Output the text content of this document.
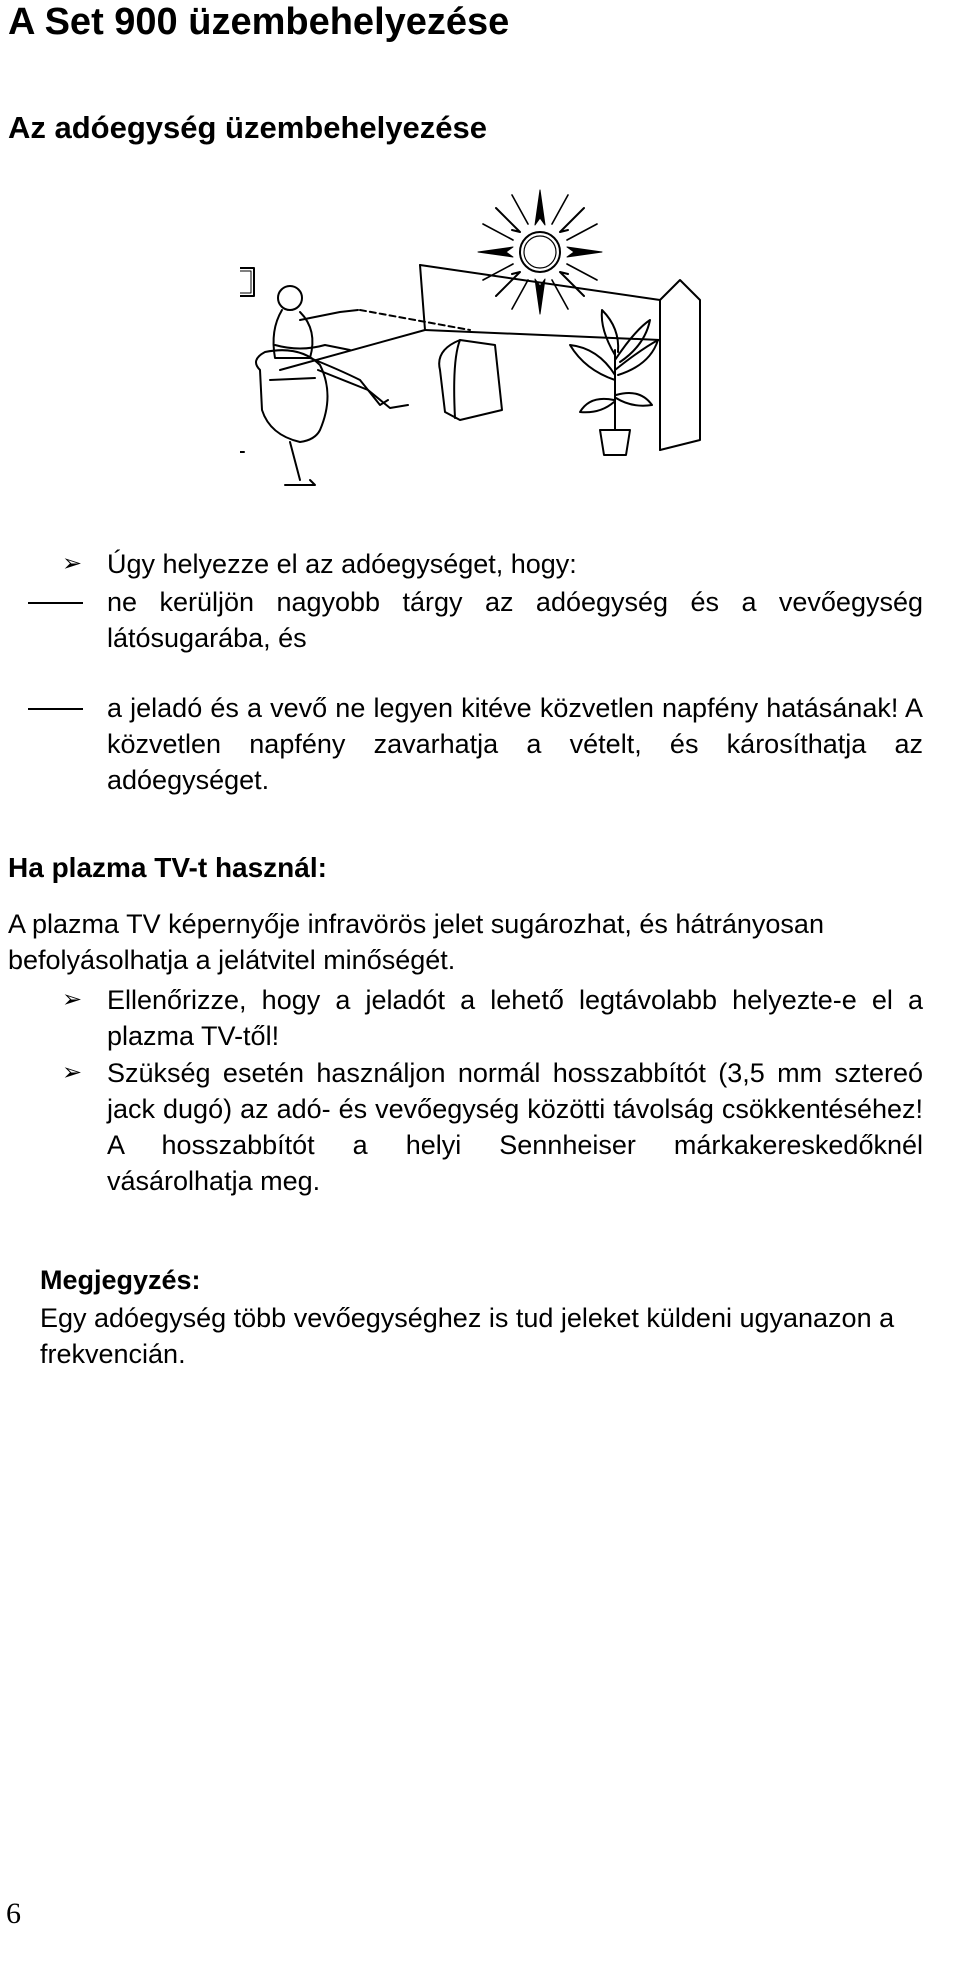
A Set 900 üzembehelyezése
Az adóegység üzembehelyezése
➢ Úgy helyezze el az adóegységet, hogy:

ne kerüljön nagyobb tárgy az adóegység és a vevőegység látósugarába, és

a jeladó és a vevő ne legyen kitéve közvetlen napfény hatásának! A közvetlen napfény zavarhatja a vételt, és károsíthatja az adóegységet.

Ha plazma TV-t használ:

A plazma TV képernyője infravörös jelet sugározhat, és hátrányosan befolyásolhatja a jelátvitel minőségét.

➢ Ellenőrizze, hogy a jeladót a lehető legtávolabb helyezte-e el a plazma TV-től!

➢ Szükség esetén használjon normál hosszabbítót (3,5 mm sztereó jack dugó) az adó- és vevőegység közötti távolság csökkentéséhez! A hosszabbítót a helyi Sennheiser márkakereskedőknél vásárolhatja meg.

Megjegyzés:

Egy adóegység több vevőegységhez is tud jeleket küldeni ugyanazon a frekvencián.

6
